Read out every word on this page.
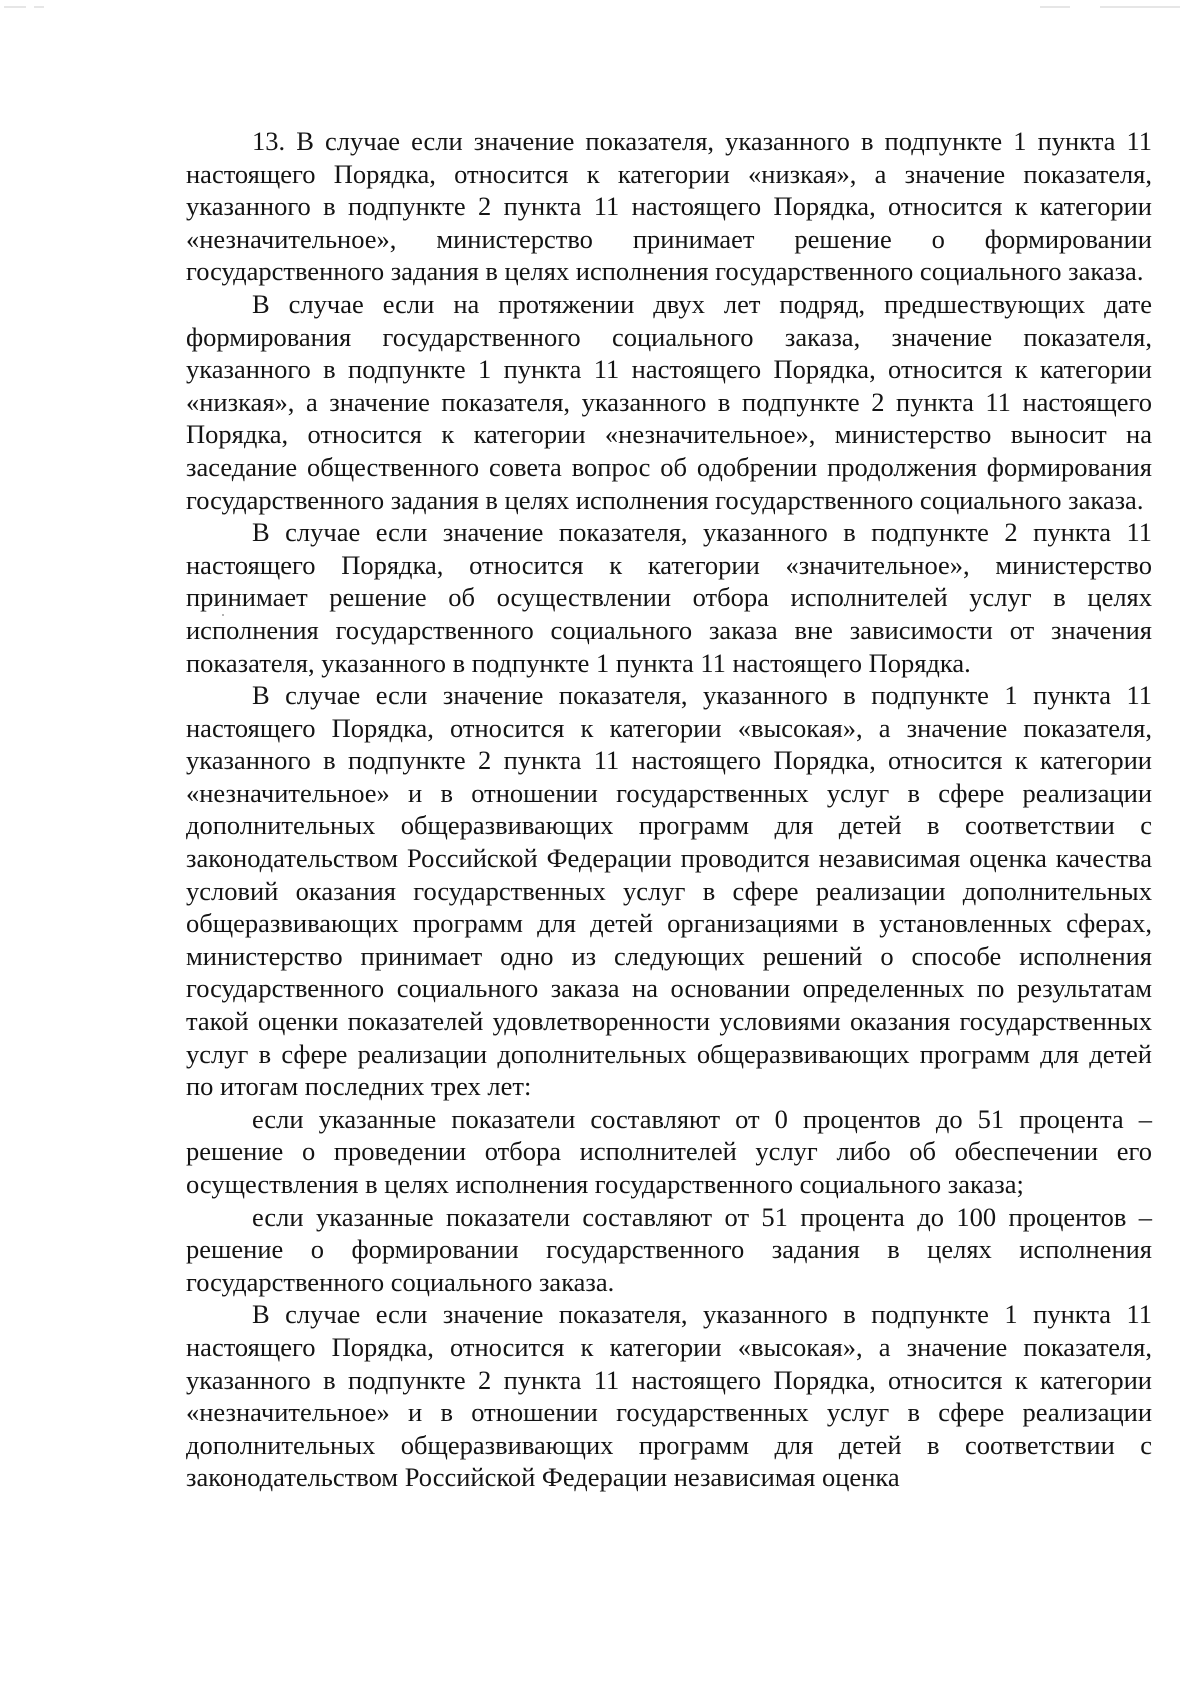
13. В случае если значение показателя, указанного в подпункте 1 пункта 11 настоящего Порядка, относится к категории «низкая», а значение показателя, указанного в подпункте 2 пункта 11 настоящего Порядка, относится к категории «незначительное», министерство принимает решение о формировании государственного задания в целях исполнения государственного социального заказа.

В случае если на протяжении двух лет подряд, предшествующих дате формирования государственного социального заказа, значение показателя, указанного в подпункте 1 пункта 11 настоящего Порядка, относится к категории «низкая», а значение показателя, указанного в подпункте 2 пункта 11 настоящего Порядка, относится к категории «незначительное», министерство выносит на заседание общественного совета вопрос об одобрении продолжения формирования государственного задания в целях исполнения государственного социального заказа.

В случае если значение показателя, указанного в подпункте 2 пункта 11 настоящего Порядка, относится к категории «значительное», министерство принимает решение об осуществлении отбора исполнителей услуг в целях исполнения государственного социального заказа вне зависимости от значения показателя, указанного в подпункте 1 пункта 11 настоящего Порядка.

В случае если значение показателя, указанного в подпункте 1 пункта 11 настоящего Порядка, относится к категории «высокая», а значение показателя, указанного в подпункте 2 пункта 11 настоящего Порядка, относится к категории «незначительное» и в отношении государственных услуг в сфере реализации дополнительных общеразвивающих программ для детей в соответствии с законодательством Российской Федерации проводится независимая оценка качества условий оказания государственных услуг в сфере реализации дополнительных общеразвивающих программ для детей организациями в установленных сферах, министерство принимает одно из следующих решений о способе исполнения государственного социального заказа на основании определенных по результатам такой оценки показателей удовлетворенности условиями оказания государственных услуг в сфере реализации дополнительных общеразвивающих программ для детей по итогам последних трех лет:

если указанные показатели составляют от 0 процентов до 51 процента – решение о проведении отбора исполнителей услуг либо об обеспечении его осуществления в целях исполнения государственного социального заказа;

если указанные показатели составляют от 51 процента до 100 процентов – решение о формировании государственного задания в целях исполнения государственного социального заказа.

В случае если значение показателя, указанного в подпункте 1 пункта 11 настоящего Порядка, относится к категории «высокая», а значение показателя, указанного в подпункте 2 пункта 11 настоящего Порядка, относится к категории «незначительное» и в отношении государственных услуг в сфере реализации дополнительных общеразвивающих программ для детей в соответствии с законодательством Российской Федерации независимая оценка
